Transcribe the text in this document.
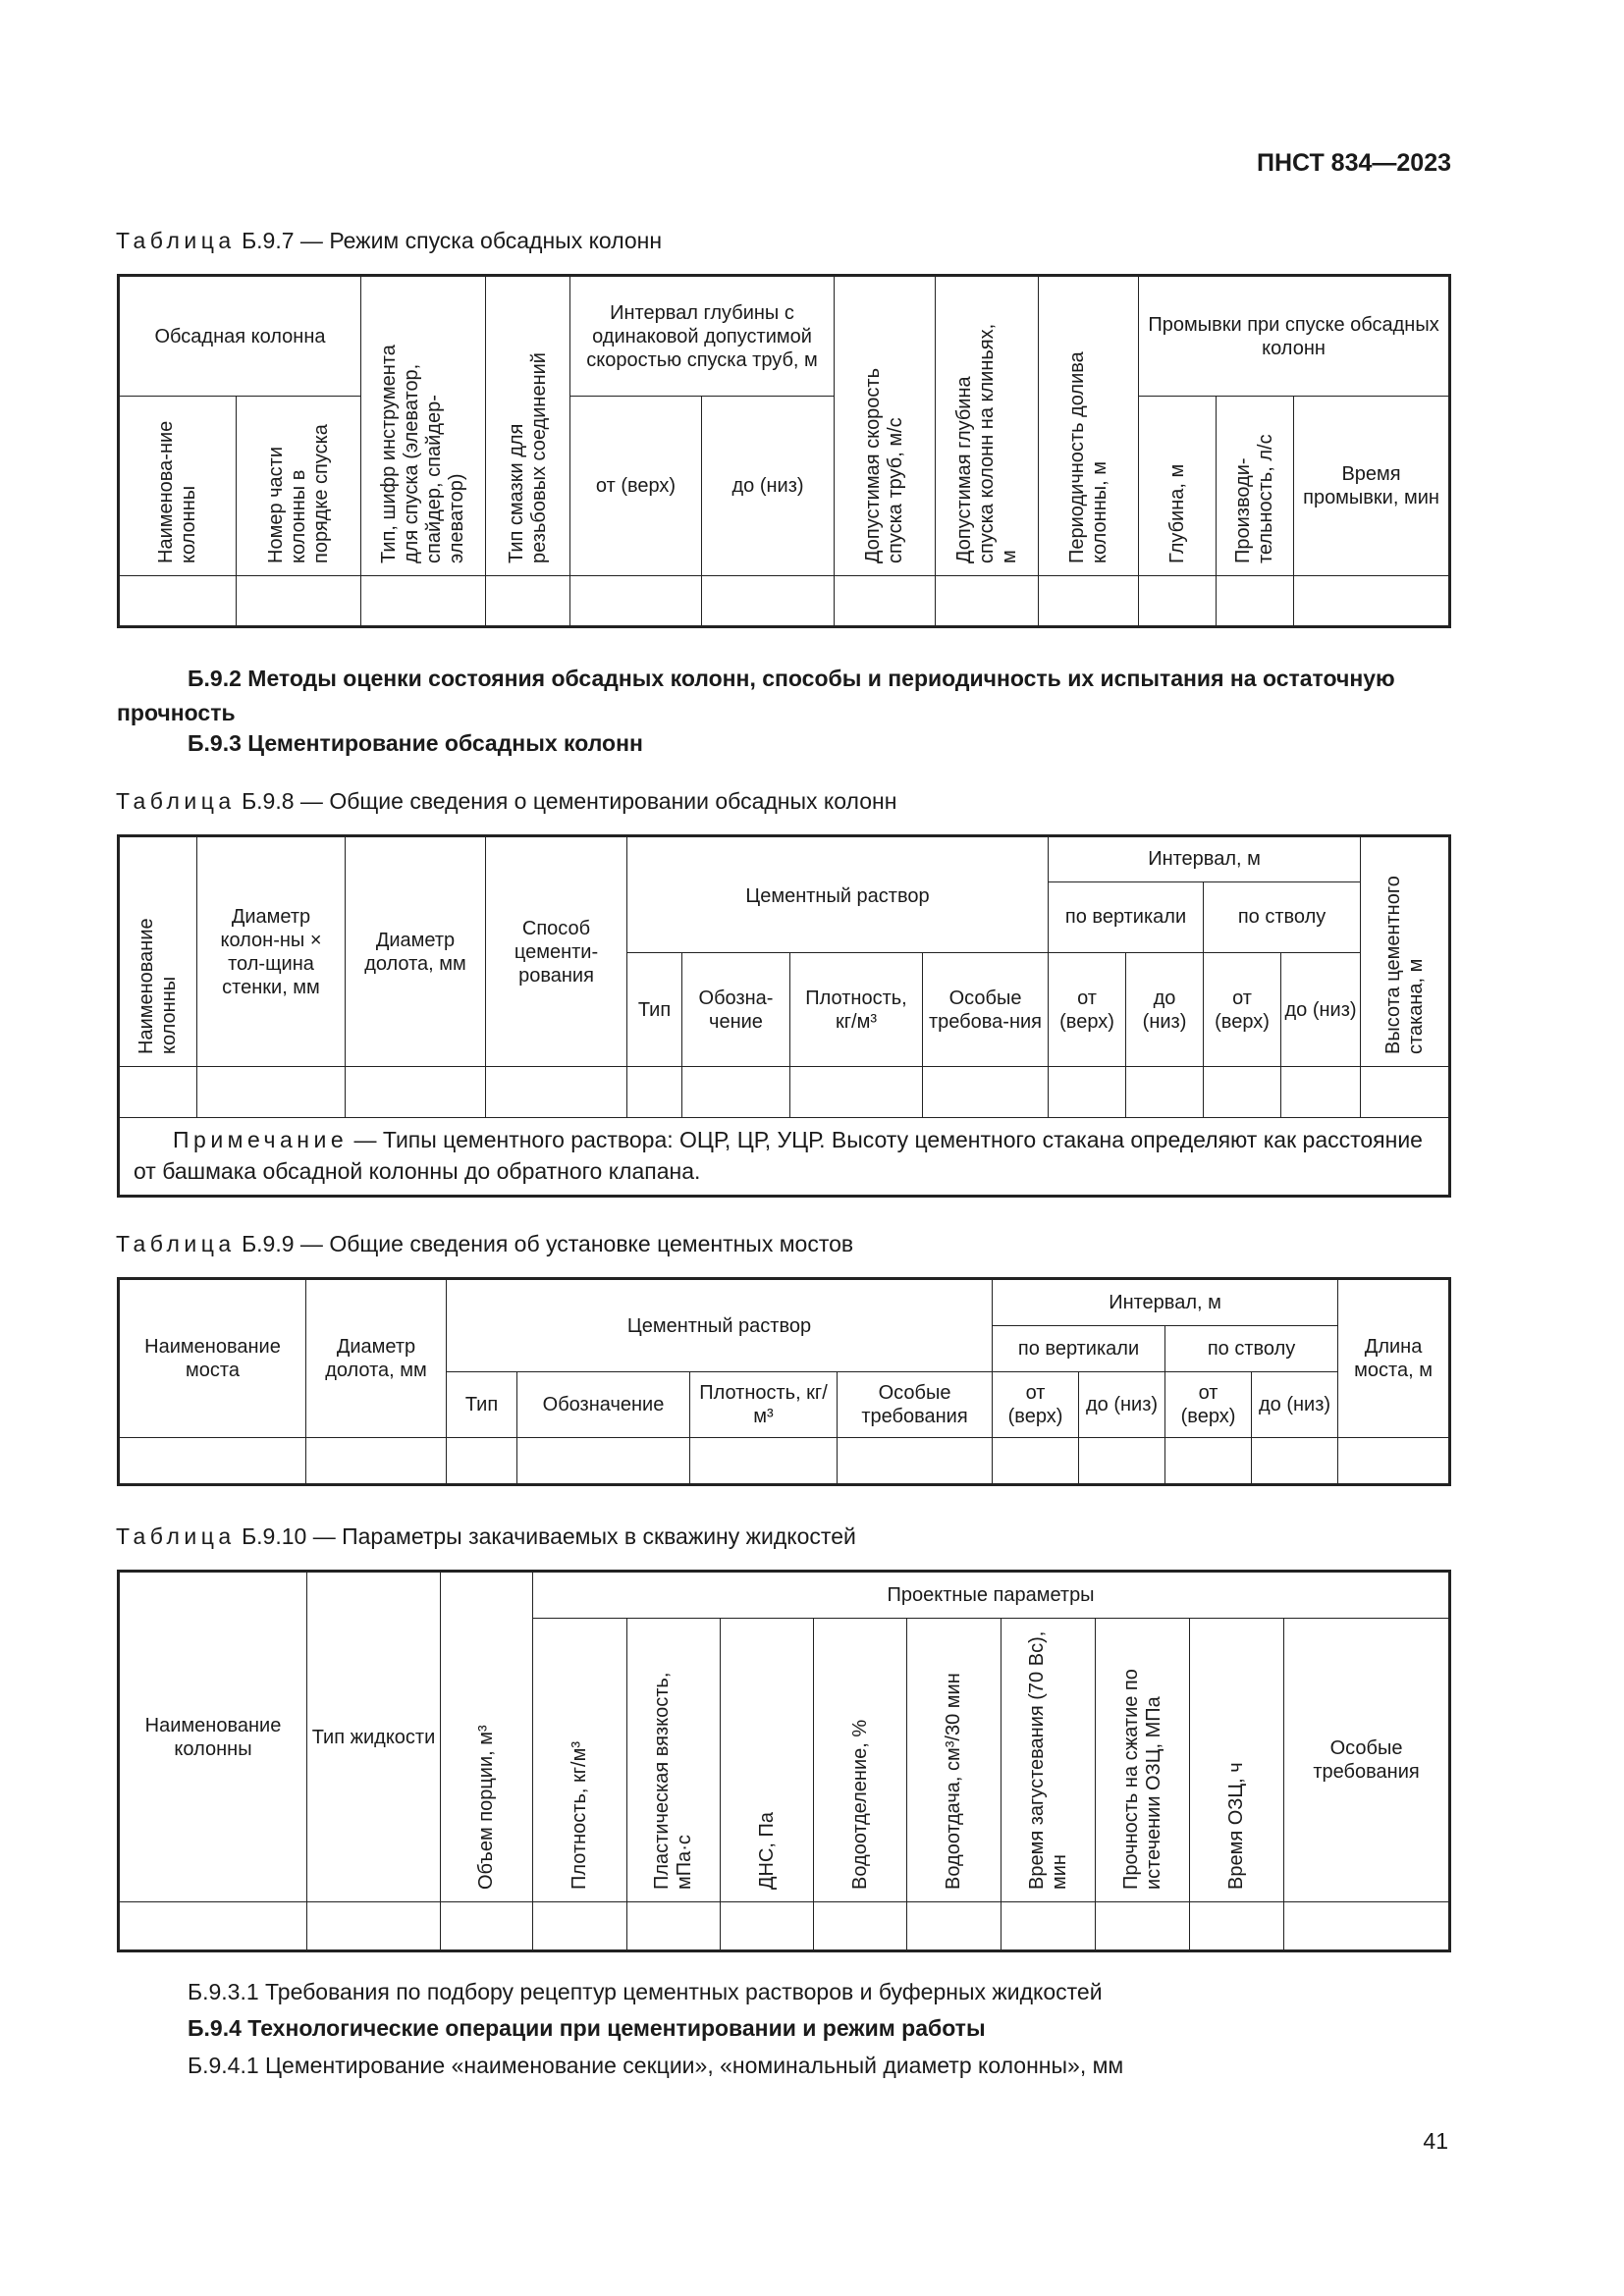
ПНСТ 834—2023
Таблица Б.9.7 — Режим спуска обсадных колонн
Обсадная колонна		Тип, шифр инструмента для спуска (элеватор, спайдер, спайдер-элеватор)	Тип смазки для резьбовых соединений	Интервал глубины с одинаковой допустимой скоростью спуска труб, м		Допустимая скорость спуска труб, м/с	Допустимая глубина спуска колонн на клиньях, м	Периодичность долива колонны, м	Промывки при спуске обсадных колонн		
Наименова-ние колонны	Номер части колонны в порядке спуска			от (верх)	до (низ)				Глубина, м	Производи-тельность, л/с	Время промывки, мин

Б.9.2 Методы оценки состояния обсадных колонн, способы и периодичность их испытания на остаточную прочность
Б.9.3 Цементирование обсадных колонн
Таблица Б.9.8 — Общие сведения о цементировании обсадных колонн
Наименование колонны	Диаметр колон-ны × тол-щина стенки, мм	Диаметр долота, мм	Способ цементи-рования	Цементный раствор				Интервал, м				Высота цементного стакана, м
								по вертикали		по стволу		
				Тип	Обозна-чение	Плотность, кг/м³	Особые требова-ния	от (верх)	до (низ)	от (верх)	до (низ)	

Примечание — Типы цементного раствора: ОЦР, ЦР, УЦР. Высоту цементного стакана определяют как расстояние от башмака обсадной колонны до обратного клапана.												
Таблица Б.9.9 — Общие сведения об установке цементных мостов
Наименование моста	Диаметр долота, мм	Цементный раствор				Интервал, м				Длина моста, м
						по вертикали		по стволу		
		Тип	Обозначение	Плотность, кг/м³	Особые требования	от (верх)	до (низ)	от (верх)	до (низ)	

Таблица Б.9.10 — Параметры закачиваемых в скважину жидкостей
Наименование колонны	Тип жидкости	Объем порции, м³	Проектные параметры								
			Плотность, кг/м³	Пластическая вязкость, мПа·с	ДНС, Па	Водоотделение, %	Водоотдача, см³/30 мин	Время загустевания (70 Вс), мин	Прочность на сжатие по истечении ОЗЦ, МПа	Время ОЗЦ, ч	Особые требования

Б.9.3.1 Требования по подбору рецептур цементных растворов и буферных жидкостей
Б.9.4 Технологические операции при цементировании и режим работы
Б.9.4.1 Цементирование «наименование секции», «номинальный диаметр колонны», мм
41
